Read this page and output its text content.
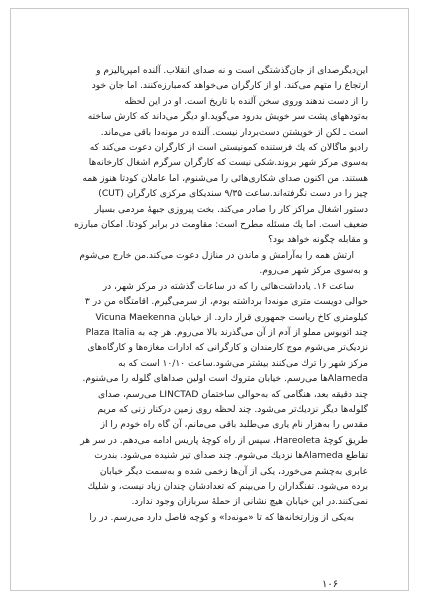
این‌دیگرصدای از جان‌گذشتگی است و نه صدای انقلاب. آلنده امپریالیزم و
ارتجاع را متهم می‌کند. او از کارگران می‌خواهد که‌مبارزه‌کنند. اما جان خود
را از دست ندهند وروی سخن آلنده با تاریخ است. او در این لحظه
به‌تودههای پشت سر خویش بدرود می‌گوید.او دیگر می‌داند که کارش ساخته
است ـ لکن از خویشتن دست‌بردار نیست. آلنده در مونه‌دا باقی می‌ماند.
رادیو ماگالان که یك فرستنده کمونیستی است از کارگران دعوت می‌کند که
به‌سوی مرکز شهر بروند.شکی نیست که کارگران سرگرم اشغال کارخانه‌ها
هستند. من اکنون صدای شکاری‌هائی را می‌شنوم، اما عاملان کودتا هنوز همه
چیز را در دست نگرفته‌اند.ساعت ۹/۳۵ سندیکای مرکزی کارگران (CUT)
دستور اشغال مراکز کار را صادر می‌کند. بخت پیروزی جبههٔ مردمی بسیار
ضعیف است. اما یك مسئله مطرح است: مقاومت در برابر کودتا. امکان مبارزه
و مقابله چگونه خواهد بود؟
ارتش همه را به‌آرامش و ماندن در منازل دعوت می‌کند.من خارج می‌شوم
و به‌سوی مرکز شهر می‌روم.
ساعت ۱۶. یادداشت‌هائی را که در ساعات گذشته در مرکز شهر، در
حوالی دویست متری مونه‌دا برداشته بودم، از سرمی‌گیرم. اقامتگاه من در ۳
کیلومتری کاخ ریاست جمهوری قرار دارد. از خیابان Vicuna Maekenna
چند اتوبوس مملو از آدم از آن می‌گذرند بالا می‌روم. هر چه به Plaza Italia
نزدیک‌تر می‌شوم موج کارمندان و کارگرانی که ادارات مغازه‌ها و کارگاه‌های
مرکز شهر را ترك می‌کنند بیشتر می‌شود.ساعت ۱۰/۱۰ است که به
Alameda‌ها می‌رسم. خیابان متروك است اولین صداهای گلوله را می‌شنوم.
چند دقیقه بعد، هنگامی که به‌حوالی ساختمان LINCTAD می‌رسم، صدای
گلوله‌ها دیگر نزدیك‌تر می‌شود. چند لحظه روی زمین درکنار زنی که مریم
مقدس را به‌هزار نام یاری می‌طلبد باقی می‌مانم، آن گاه راه خودم را از
طریق کوچهٔ Hareoleta، سپس از راه کوچهٔ پاریس ادامه می‌دهم. در سر هر
تقاطع Alameda‌ها نزدیك می‌شوم. چند صدای تیر شنیده می‌شود. بندرت
عابری به‌چشم می‌خورد، یکی از آن‌ها زخمی شده و به‌سمت دیگر خیابان
برده می‌شود. تفنگداران را می‌بینم که تعدادشان چندان زیاد نیست، و شلیك
نمی‌کنند.در این خیابان هیچ نشانی از حملهٔ سربازان وجود ندارد.
به‌یکی از وزارتخانه‌ها که تا «مونه‌دا» و کوچه فاصل دارد می‌رسم. در را
۱۰۶
